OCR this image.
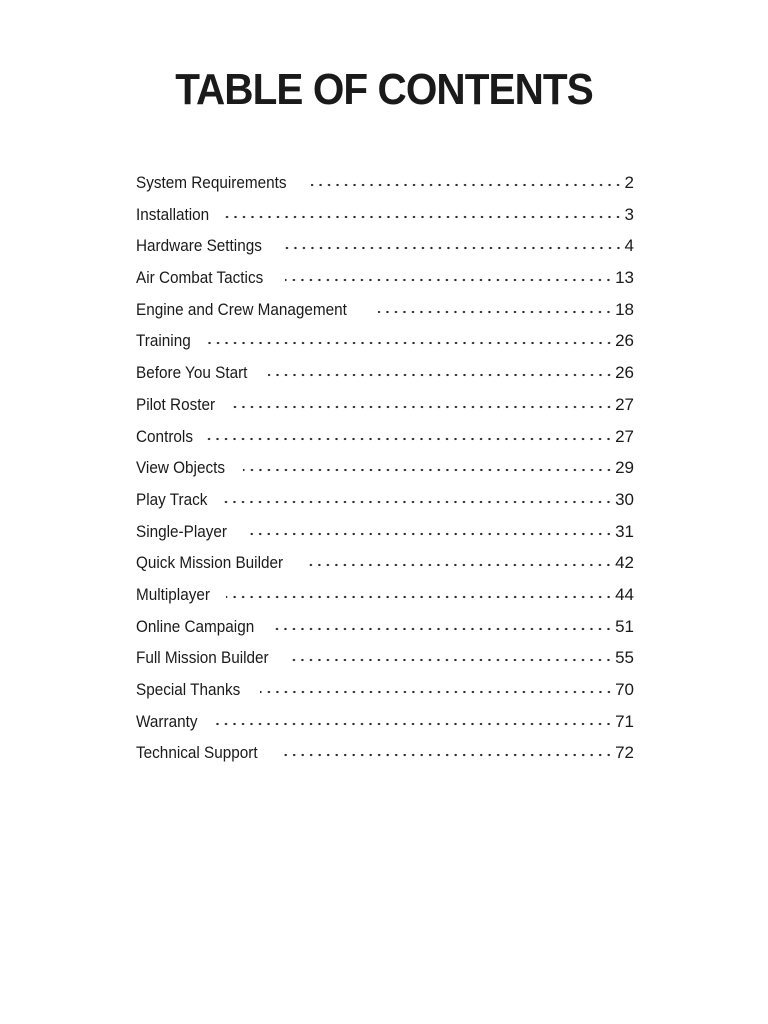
TABLE OF CONTENTS
System Requirements	2
Installation	3
Hardware Settings	4
Air Combat Tactics	13
Engine and Crew Management	18
Training	26
Before You Start	26
Pilot Roster	27
Controls	27
View Objects	29
Play Track	30
Single-Player	31
Quick Mission Builder	42
Multiplayer	44
Online Campaign	51
Full Mission Builder	55
Special Thanks	70
Warranty	71
Technical Support	72
